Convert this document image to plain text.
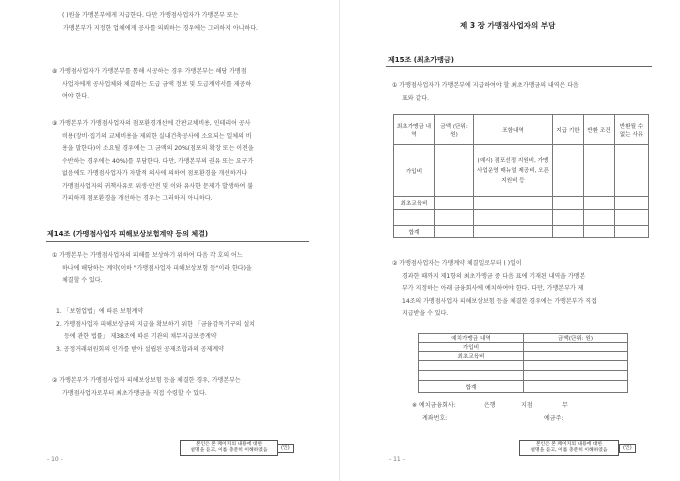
( )원을 가맹본부에게 지급한다. 다만 가맹점사업자가 가맹본부 또는

가맹본부가 지정한 업체에게 공사를 의뢰하는 경우에는 그러하지 아니하다.

⑧ 가맹점사업자가 가맹본부를 통해 시공하는 경우 가맹본부는 해당 가맹점

사업자에게 공사업체와 체결하는 도급 금액 정보 및 도급계약서를 제공하

여야 한다.

⑨ 가맹본부가 가맹점사업자의 점포환경개선에 간판교체비용, 인테리어 공사

비용(장비·집기의 교체비용을 제외한 실내건축공사에 소요되는 일체의 비

용을 말한다)이 소요될 경우에는 그 금액의 20%(점포의 확장 또는 이전을

수반하는 경우에는 40%)를 부담한다. 다만, 가맹본부의 권유 또는 요구가

없음에도 가맹점사업자가 자발적 의사에 의하여 점포환경을 개선하거나

가맹점사업자의 귀책사유로 위생·안전 및 이와 유사한 문제가 발생하여 불

가피하게 점포환경을 개선하는 경우는 그러하지 아니하다.

제14조 (가맹점사업자 피해보상보험계약 등의 체결)

① 가맹본부는 가맹점사업자의 피해를 보상하기 위하여 다음 각 호의 어느

하나에 해당하는 계약(이하 "가맹점사업자 피해보상보험 등"이라 한다)을

체결할 수 있다.

1. 「보험업법」에 따른 보험계약

2. 가맹점사업자 피해보상금의 지급을 확보하기 위한 「금융감독기구의 설치

등에 관한 법률」 제38조에 따른 기관의 채무지급보증계약

3. 공정거래위원회의 인가를 받아 설립된 공제조합과의 공제계약

② 가맹본부가 가맹점사업자 피해보상보험 등을 체결한 경우, 가맹본부는

가맹점사업자로부터 최초가맹금을 직접 수령할 수 있다.

- 10 -
본인은 본 페이지의 내용에 대한
설명을 듣고, 이를 충분히 이해하였음	(인)
제 3 장 가맹점사업자의 부담
제15조 (최초가맹금)

① 가맹점사업자가 가맹본부에 지급하여야 할 최초가맹금의 내역은 다음

표와 같다.

최초가맹금 내역	금액 (단위: 원)	포함내역	지급 기한	반환 조건	반환될 수 없는 사유
가입비		(예시) 점포선정 지원비, 가맹사업운영 매뉴얼 제공비, 오픈지원비 등			
최초교육비					

합계					

② 가맹점사업자는 가맹계약 체결일로부터 ( )일이

경과한 때까지 제1항의 최초가맹금 중 다음 표에 기재된 내역을 가맹본

부가 지정하는 아래 금융회사에 예치하여야 한다. 다만, 가맹본부가 제

14조의 가맹점사업자 피해보상보험 등을 체결한 경우에는 가맹본부가 직접

지급받을 수 있다.

예치가맹금 내역	금액(단위: 원)
가입비	
최초교육비	

합계	
※ 예치금융회사:	은행	지점	무
계좌번호:	예금주:
- 11 -
본인은 본 페이지의 내용에 대한
설명을 듣고, 이를 충분히 이해하였음	(인)
